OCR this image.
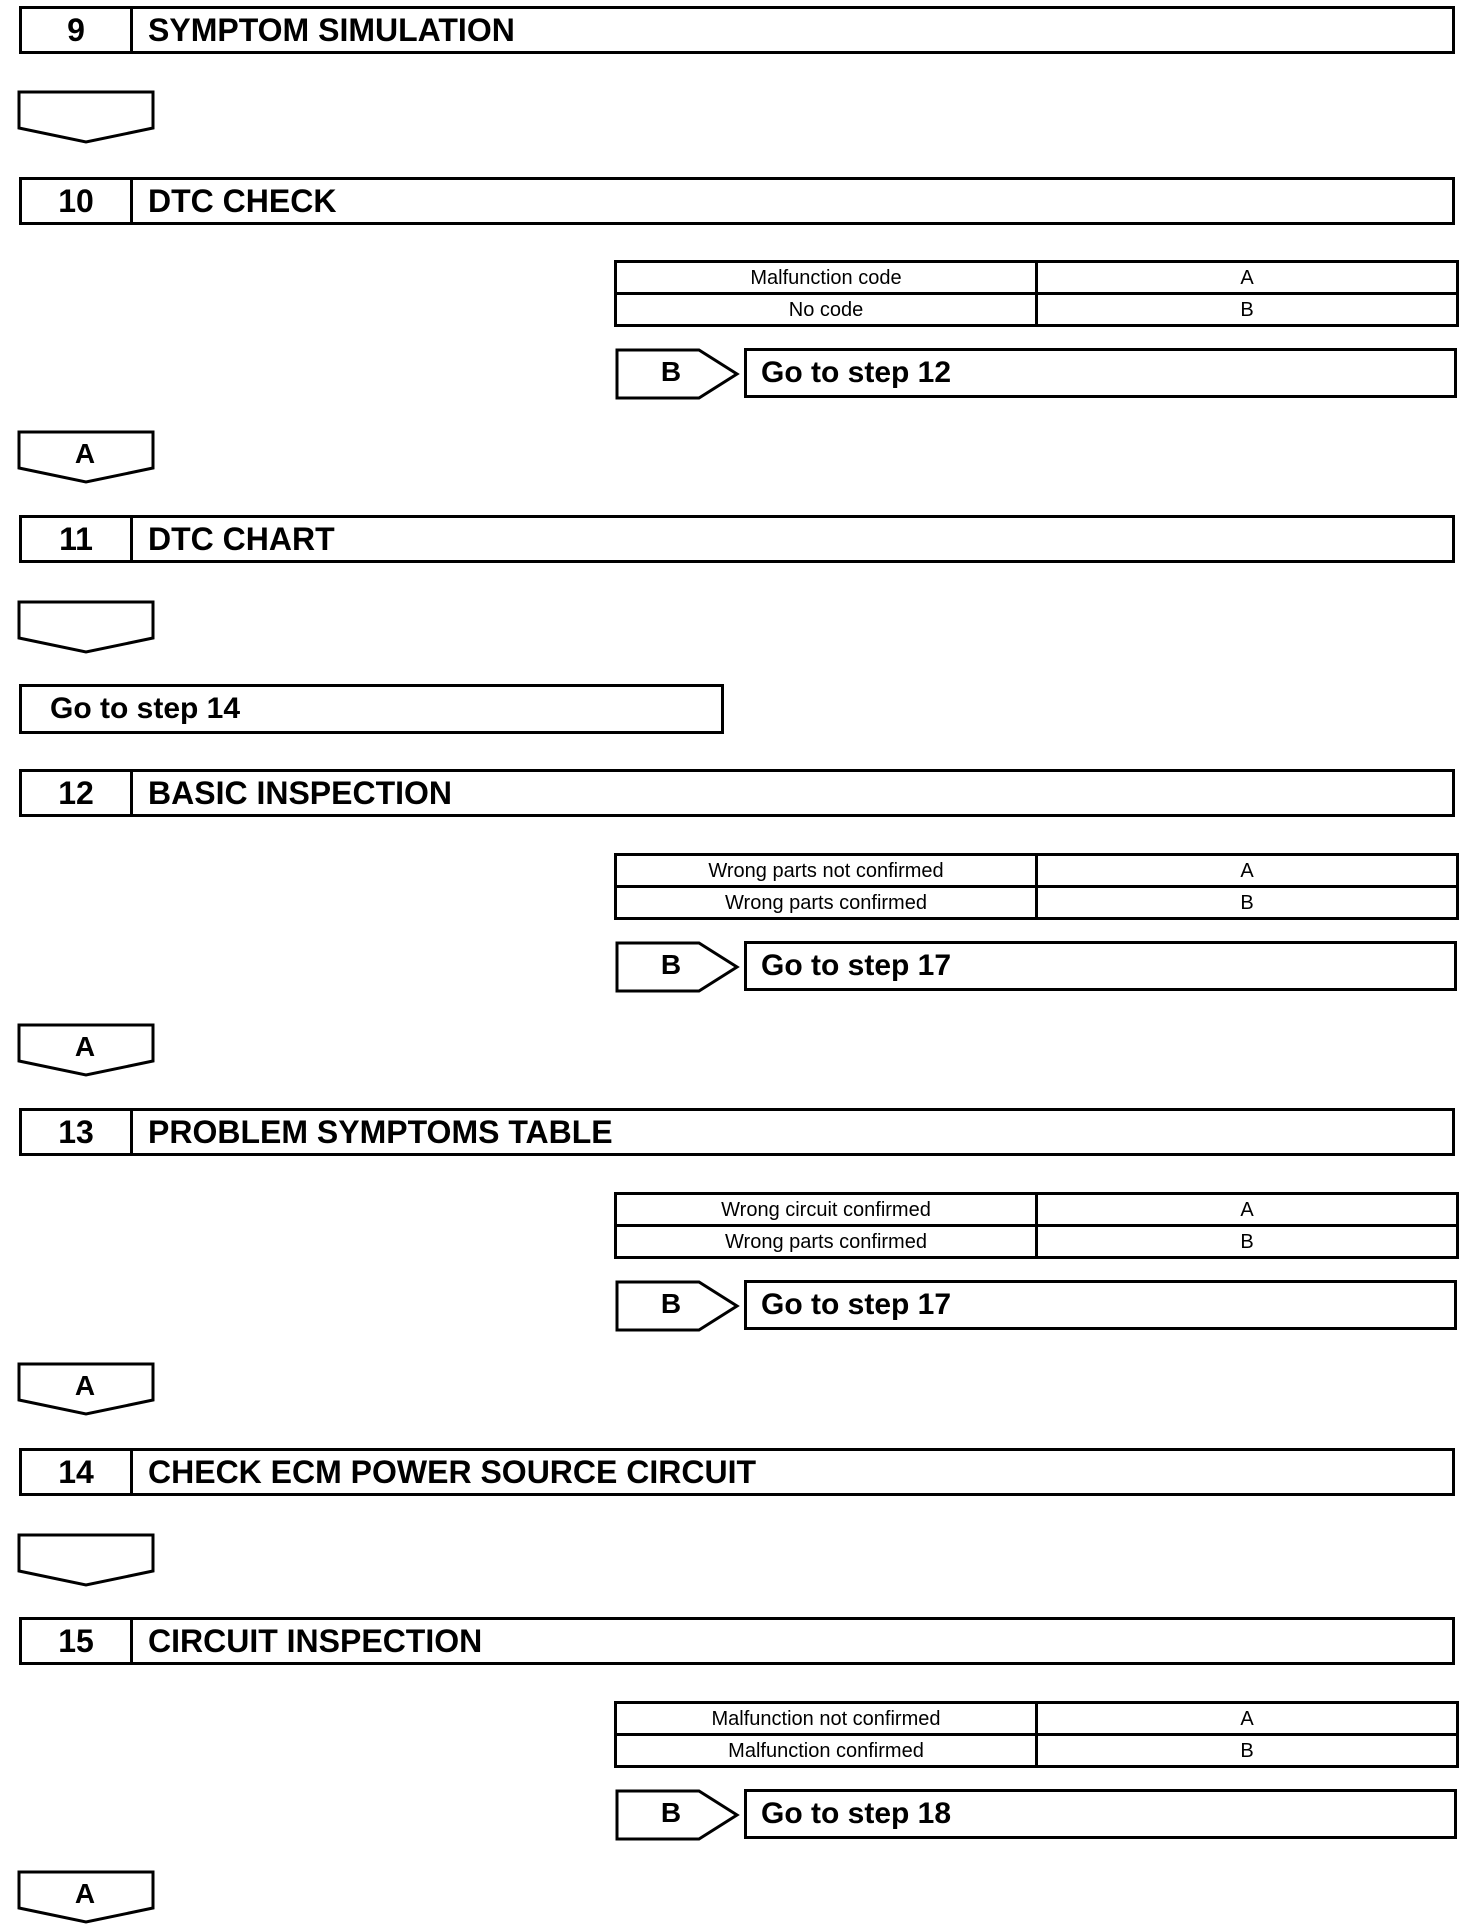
9	SYMPTOM SIMULATION
10	DTC CHECK
Malfunction code	A
No code	B
B	Go to step 12
A
11	DTC CHART
Go to step 14
12	BASIC INSPECTION
Wrong parts not confirmed	A
Wrong parts confirmed	B
B	Go to step 17
A
13	PROBLEM SYMPTOMS TABLE
Wrong circuit confirmed	A
Wrong parts confirmed	B
B	Go to step 17
A
14	CHECK ECM POWER SOURCE CIRCUIT
15	CIRCUIT INSPECTION
Malfunction not confirmed	A
Malfunction confirmed	B
B	Go to step 18
A
